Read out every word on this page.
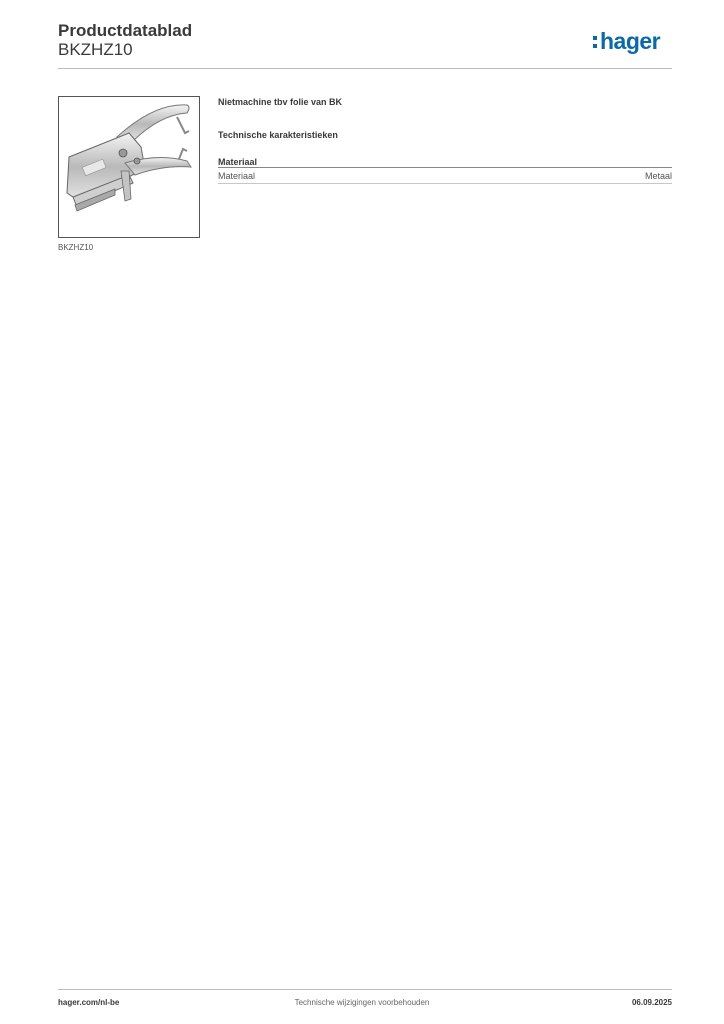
Productdatablad
BKZHZ10	hager
BKZHZ10
Nietmachine tbv folie van BK
Technische karakteristieken
Materiaal
Materiaal	Metaal
hager.com/nl-be	Technische wijzigingen voorbehouden	06.09.2025
